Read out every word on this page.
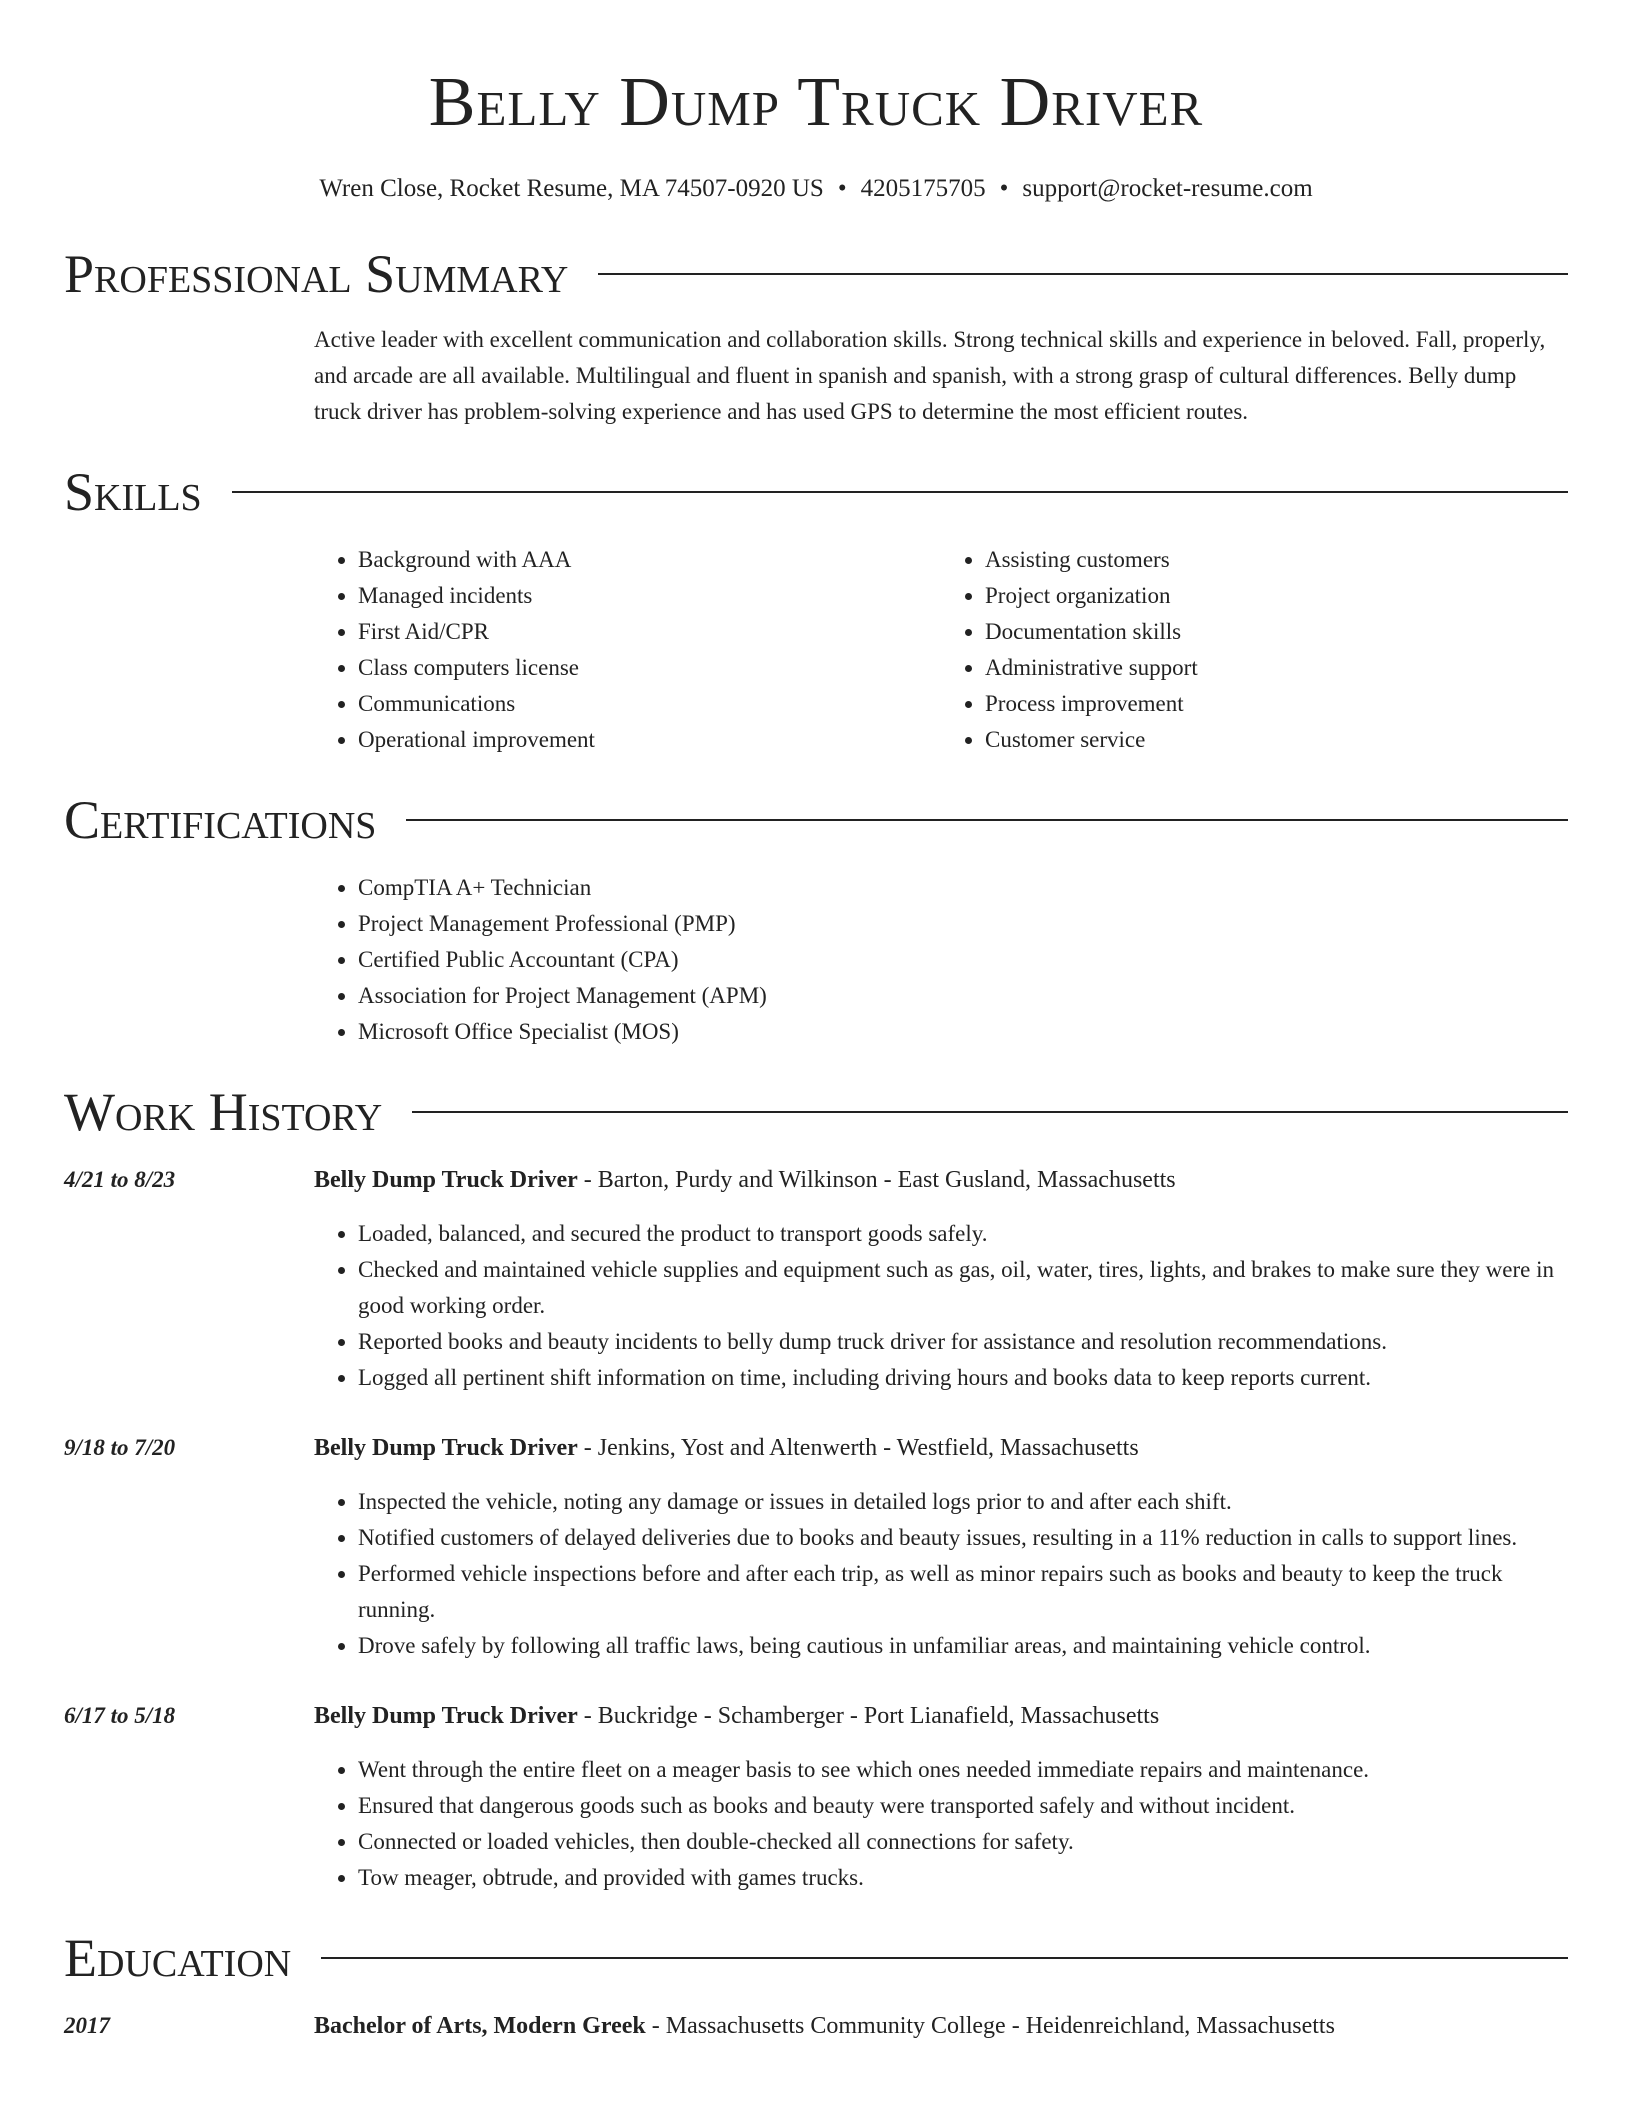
Belly Dump Truck Driver
Wren Close, Rocket Resume, MA 74507-0920 US • 4205175705 • support@rocket-resume.com
Professional Summary
Active leader with excellent communication and collaboration skills. Strong technical skills and experience in beloved. Fall, properly, and arcade are all available. Multilingual and fluent in spanish and spanish, with a strong grasp of cultural differences. Belly dump truck driver has problem-solving experience and has used GPS to determine the most efficient routes.
Skills
• Background with AAA
• Managed incidents
• First Aid/CPR
• Class computers license
• Communications
• Operational improvement
• Assisting customers
• Project organization
• Documentation skills
• Administrative support
• Process improvement
• Customer service
Certifications
• CompTIA A+ Technician
• Project Management Professional (PMP)
• Certified Public Accountant (CPA)
• Association for Project Management (APM)
• Microsoft Office Specialist (MOS)
Work History
4/21 to 8/23	Belly Dump Truck Driver - Barton, Purdy and Wilkinson - East Gusland, Massachusetts
• Loaded, balanced, and secured the product to transport goods safely.
• Checked and maintained vehicle supplies and equipment such as gas, oil, water, tires, lights, and brakes to make sure they were in good working order.
• Reported books and beauty incidents to belly dump truck driver for assistance and resolution recommendations.
• Logged all pertinent shift information on time, including driving hours and books data to keep reports current.
9/18 to 7/20	Belly Dump Truck Driver - Jenkins, Yost and Altenwerth - Westfield, Massachusetts
• Inspected the vehicle, noting any damage or issues in detailed logs prior to and after each shift.
• Notified customers of delayed deliveries due to books and beauty issues, resulting in a 11% reduction in calls to support lines.
• Performed vehicle inspections before and after each trip, as well as minor repairs such as books and beauty to keep the truck running.
• Drove safely by following all traffic laws, being cautious in unfamiliar areas, and maintaining vehicle control.
6/17 to 5/18	Belly Dump Truck Driver - Buckridge - Schamberger - Port Lianafield, Massachusetts
• Went through the entire fleet on a meager basis to see which ones needed immediate repairs and maintenance.
• Ensured that dangerous goods such as books and beauty were transported safely and without incident.
• Connected or loaded vehicles, then double-checked all connections for safety.
• Tow meager, obtrude, and provided with games trucks.
Education
2017	Bachelor of Arts, Modern Greek - Massachusetts Community College - Heidenreichland, Massachusetts
